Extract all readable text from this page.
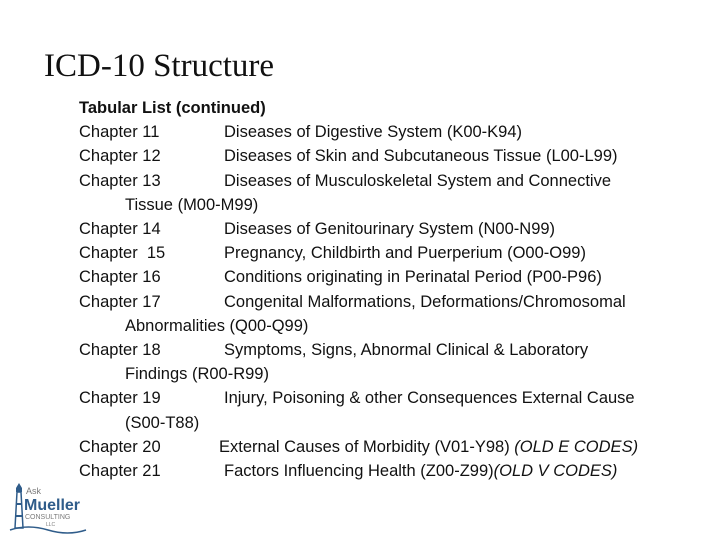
ICD-10 Structure
Tabular List (continued)
Chapter 11	Diseases of Digestive System (K00-K94)
Chapter 12	Diseases of Skin and Subcutaneous Tissue (L00-L99)
Chapter 13	Diseases of Musculoskeletal System and Connective
Tissue (M00-M99)
Chapter 14	Diseases of Genitourinary System (N00-N99)
Chapter  15	Pregnancy, Childbirth and Puerperium (O00-O99)
Chapter 16	Conditions originating in Perinatal Period (P00-P96)
Chapter 17	Congenital Malformations, Deformations/Chromosomal
Abnormalities (Q00-Q99)
Chapter 18	Symptoms, Signs, Abnormal Clinical & Laboratory
Findings (R00-R99)
Chapter 19	Injury, Poisoning & other Consequences External Cause
(S00-T88)
Chapter 20	External Causes of Morbidity (V01-Y98) (OLD E CODES)
Chapter 21	Factors Influencing Health (Z00-Z99)(OLD V CODES)
Ask
Mueller
CONSULTING
LLC
